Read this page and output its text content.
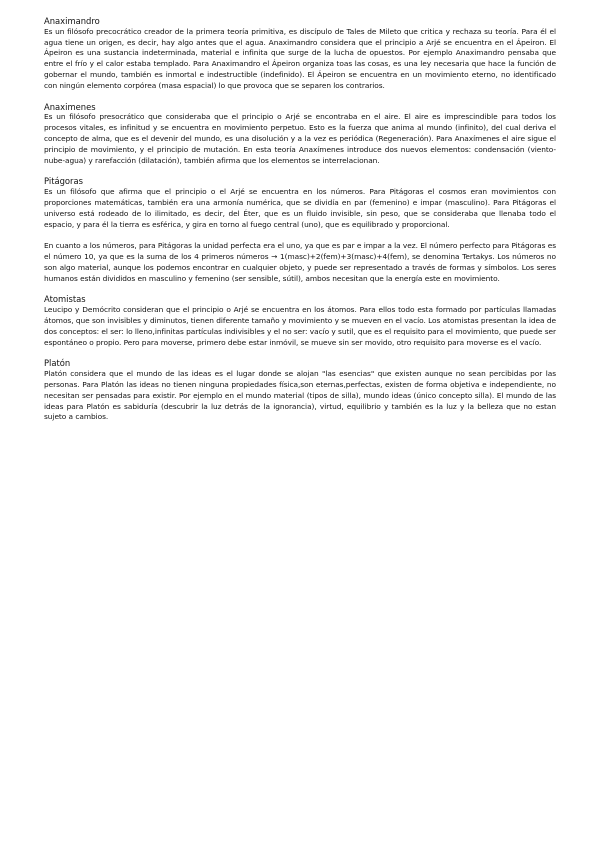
Anaximandro

Es un filósofo precocrático creador de la primera teoría primitiva, es discípulo de Tales de Mileto que critica y rechaza su teoría. Para él el agua tiene un origen, es decir, hay algo antes que el agua. Anaximandro considera que el principio a Arjé se encuentra en el Ápeiron. El Ápeiron es una sustancia indeterminada, material e infinita que surge de la lucha de opuestos. Por ejemplo Anaximandro pensaba que entre el frío y el calor estaba templado. Para Anaximandro el Ápeiron organiza toas las cosas, es una ley necesaria que hace la función de gobernar el mundo, también es inmortal e indestructible (indefinido). El Ápeiron se encuentra en un movimiento eterno, no identificado con ningún elemento corpórea (masa espacial) lo que provoca que se separen los contrarios.

Anaximenes

Es un filósofo presocrático que consideraba que el principio o Arjé se encontraba en el aire. El aire es imprescindible para todos los procesos vitales, es infinitud y se encuentra en movimiento perpetuo. Esto es la fuerza que anima al mundo (infinito), del cual deriva el concepto de alma, que es el devenir del mundo, es una disolución y a la vez es periódica (Regeneración). Para Anaxímenes el aire sigue el principio de movimiento, y el principio de mutación. En esta teoría Anaxímenes introduce dos nuevos elementos: condensación (viento-nube-agua) y rarefacción (dilatación), también afirma que los elementos se interrelacionan.

Pitágoras

Es un filósofo que afirma que el principio o el Arjé se encuentra en los números. Para Pitágoras el cosmos eran movimientos con proporciones matemáticas, también era una armonía numérica, que se dividía en par (femenino) e impar (masculino). Para Pitágoras el universo está rodeado de lo ilimitado, es decir, del Éter, que es un fluido invisible, sin peso, que se consideraba que llenaba todo el espacio, y para él la tierra es esférica, y gira en torno al fuego central (uno), que es equilibrado y proporcional.

En cuanto a los números, para Pitágoras la unidad perfecta era el uno, ya que es par e impar a la vez. El número perfecto para Pitágoras es el número 10, ya que es la suma de los 4 primeros números → 1(masc)+2(fem)+3(masc)+4(fem), se denomina Tertakys. Los números no son algo material, aunque los podemos encontrar en cualquier objeto, y puede ser representado a través de formas y símbolos. Los seres humanos están divididos en masculino y femenino (ser sensible, sútil), ambos necesitan que la energía este en movimiento.

Atomistas

Leucipo y Demócrito consideran que el principio o Arjé se encuentra en los átomos. Para ellos todo esta formado por partículas llamadas átomos, que son invisibles y diminutos, tienen diferente tamaño y movimiento y se mueven en el vacío. Los atomistas presentan la idea de dos conceptos: el ser: lo lleno,infinitas partículas indivisibles y el no ser: vacío y sutil, que es el requisito para el movimiento, que puede ser espontáneo o propio. Pero para moverse, primero debe estar inmóvil, se mueve sin ser movido, otro requisito para moverse es el vacío.

Platón

Platón considera que el mundo de las ideas es el lugar donde se alojan "las esencias" que existen aunque no sean percibidas por las personas. Para Platón las ideas no tienen ninguna propiedades física,son eternas,perfectas, existen de forma objetiva e independiente, no necesitan ser pensadas para existir. Por ejemplo en el mundo material (tipos de silla), mundo ideas (único concepto silla). El mundo de las ideas para Platón es sabiduría (descubrir la luz detrás de la ignorancia), virtud, equilibrio y también es la luz y la belleza que no estan sujeto a cambios.
